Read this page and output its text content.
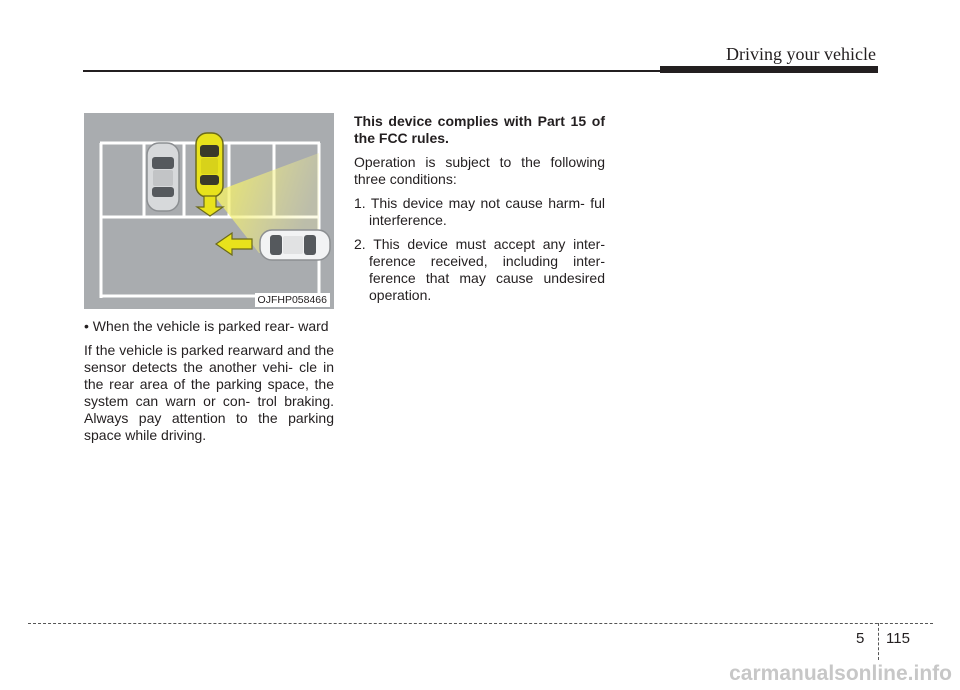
Driving your vehicle
OJFHP058466
• When the vehicle is parked rear- ward
If the vehicle is parked rearward and the sensor detects the another vehi- cle in the rear area of the parking space, the system can warn or con- trol braking. Always pay attention to the parking space while driving.
This device complies with Part 15 of the FCC rules.
Operation is subject to the following three conditions:
1. This device may not cause harm- ful interference.
2. This device must accept any inter- ference received, including inter- ference that may cause undesired operation.
5 115
carmanualsonline.info
